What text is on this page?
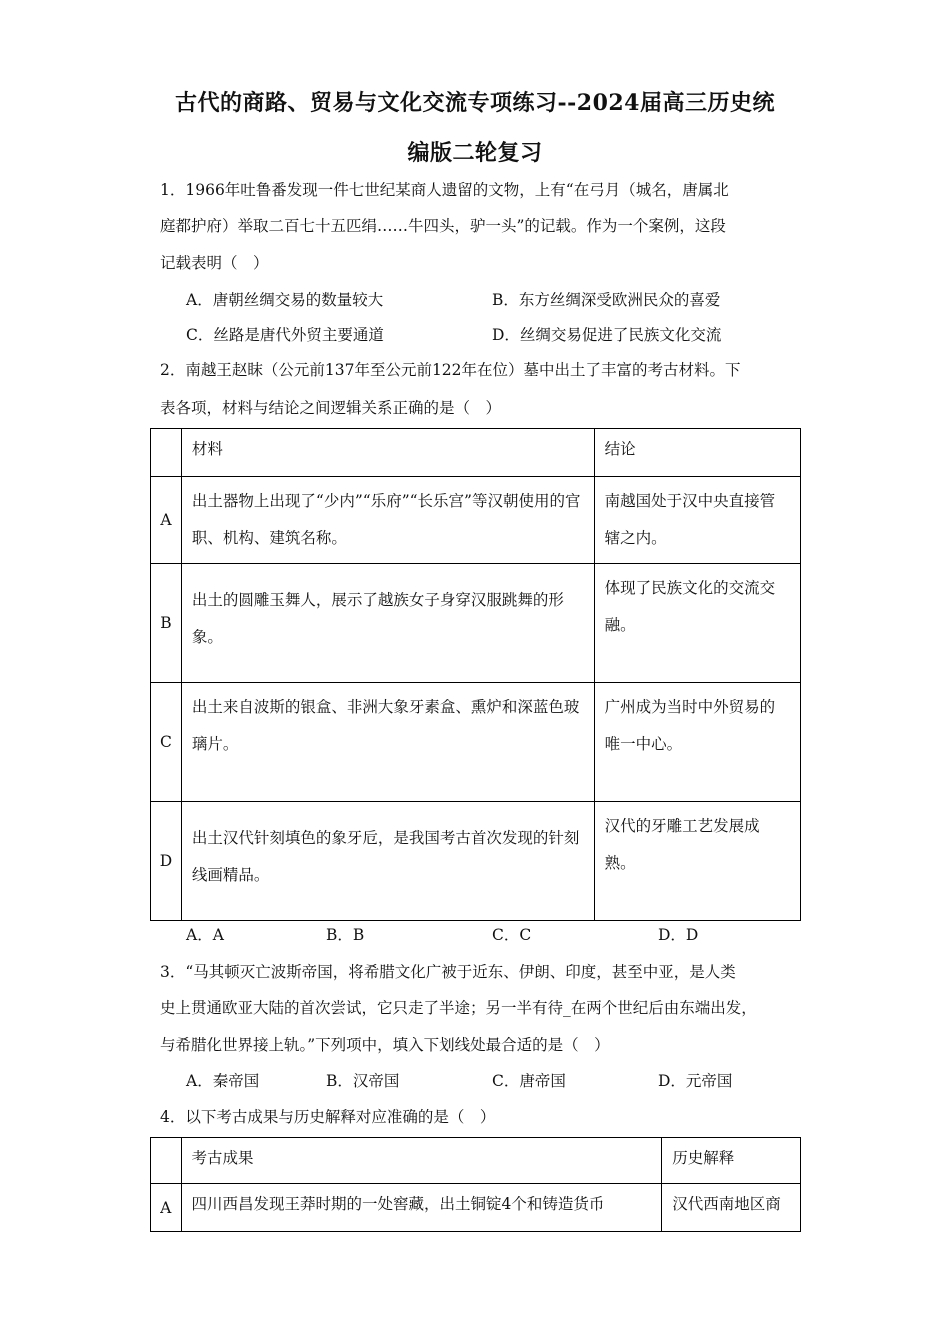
古代的商路、贸易与文化交流专项练习--2024届高三历史统
编版二轮复习
1．1966年吐鲁番发现一件七世纪某商人遗留的文物，上有“在弓月（城名，唐属北
庭都护府）举取二百七十五匹绢……牛四头，驴一头”的记载。作为一个案例，这段
记载表明（　）
A．唐朝丝绸交易的数量较大	B．东方丝绸深受欧洲民众的喜爱
C．丝路是唐代外贸主要通道	D．丝绸交易促进了民族文化交流
2．南越王赵眜（公元前137年至公元前122年在位）墓中出土了丰富的考古材料。下
表各项，材料与结论之间逻辑关系正确的是（　）

	材料	结论

A	出土器物上出现了“少内”“乐府”“长乐宫”等汉朝使用的官职、机构、建筑名称。	南越国处于汉中央直接管辖之内。

B	出土的圆雕玉舞人，展示了越族女子身穿汉服跳舞的形象。	体现了民族文化的交流交融。

C	出土来自波斯的银盒、非洲大象牙素盒、熏炉和深蓝色玻璃片。	广州成为当时中外贸易的唯一中心。

D	出土汉代针刻填色的象牙卮，是我国考古首次发现的针刻线画精品。	汉代的牙雕工艺发展成熟。
A．A	B．B	C．C	D．D
3．“马其顿灭亡波斯帝国，将希腊文化广被于近东、伊朗、印度，甚至中亚，是人类
史上贯通欧亚大陆的首次尝试，它只走了半途；另一半有待_在两个世纪后由东端出发，
与希腊化世界接上轨。”下列项中，填入下划线处最合适的是（　）
A．秦帝国	B．汉帝国	C．唐帝国	D．元帝国
4．以下考古成果与历史解释对应准确的是（　）

	考古成果	历史解释

A	四川西昌发现王莽时期的一处窖藏，出土铜锭4个和铸造货币	汉代西南地区商
